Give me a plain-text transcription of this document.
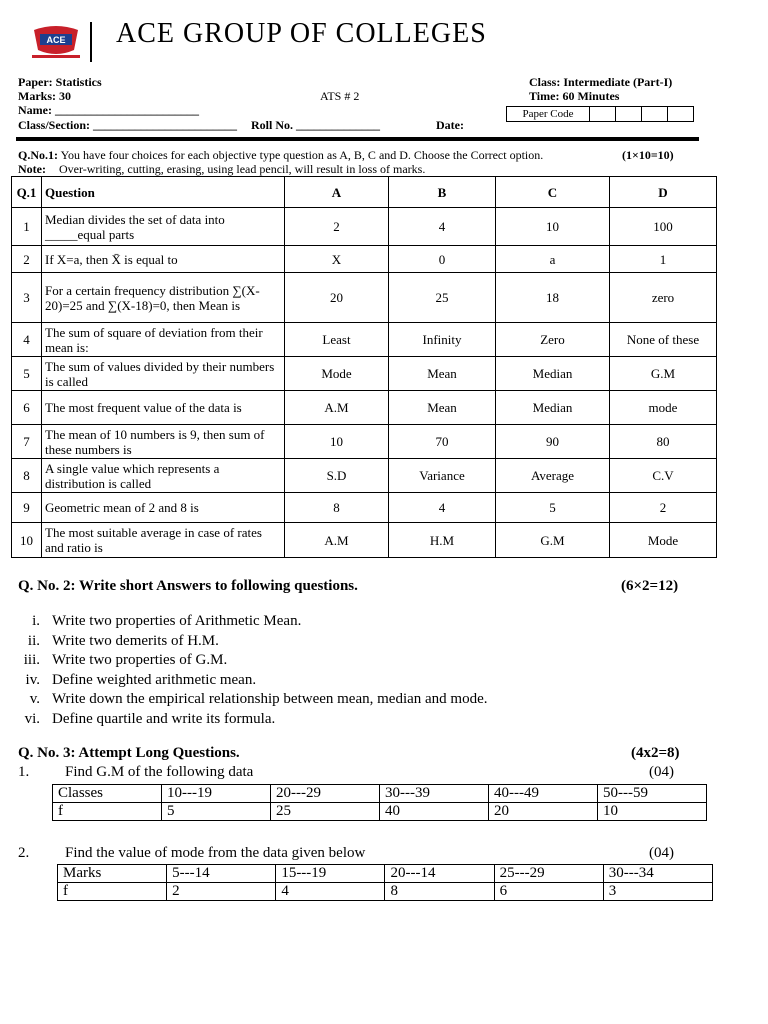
ACE ACE GROUP OF COLLEGES
Paper: Statistics
Marks: 30
Name: ________________________
Class/Section: ________________________
ATS # 2
Roll No. ______________	Date:
Class: Intermediate (Part-I)
Time: 60 Minutes
Paper Code
Q.No.1: You have four choices for each objective type question as A, B, C and D. Choose the Correct option.	(1×10=10)
Note: Over-writing, cutting, erasing, using lead pencil, will result in loss of marks.
Q.1	Question	A	B	C	D
1	Median divides the set of data into _____equal parts	2	4	10	100
2	If X=a, then X̄ is equal to	X	0	a	1
3	For a certain frequency distribution ∑(X-20)=25 and ∑(X-18)=0, then Mean is	20	25	18	zero
4	The sum of square of deviation from their mean is:	Least	Infinity	Zero	None of these
5	The sum of values divided by their numbers is called	Mode	Mean	Median	G.M
6	The most frequent value of the data is	A.M	Mean	Median	mode
7	The mean of 10 numbers is 9, then sum of these numbers is	10	70	90	80
8	A single value which represents a distribution is called	S.D	Variance	Average	C.V
9	Geometric mean of 2 and 8 is	8	4	5	2
10	The most suitable average in case of rates and ratio is	A.M	H.M	G.M	Mode
Q. No. 2: Write short Answers to following questions.	(6×2=12)
i. Write two properties of Arithmetic Mean.
ii. Write two demerits of H.M.
iii. Write two properties of G.M.
iv. Define weighted arithmetic mean.
v. Write down the empirical relationship between mean, median and mode.
vi. Define quartile and write its formula.
Q. No. 3: Attempt Long Questions.	(4x2=8)
1. Find G.M of the following data	(04)
Classes	10---19	20---29	30---39	40---49	50---59
f	5	25	40	20	10
2. Find the value of mode from the data given below	(04)
Marks	5---14	15---19	20---14	25---29	30---34
f	2	4	8	6	3
